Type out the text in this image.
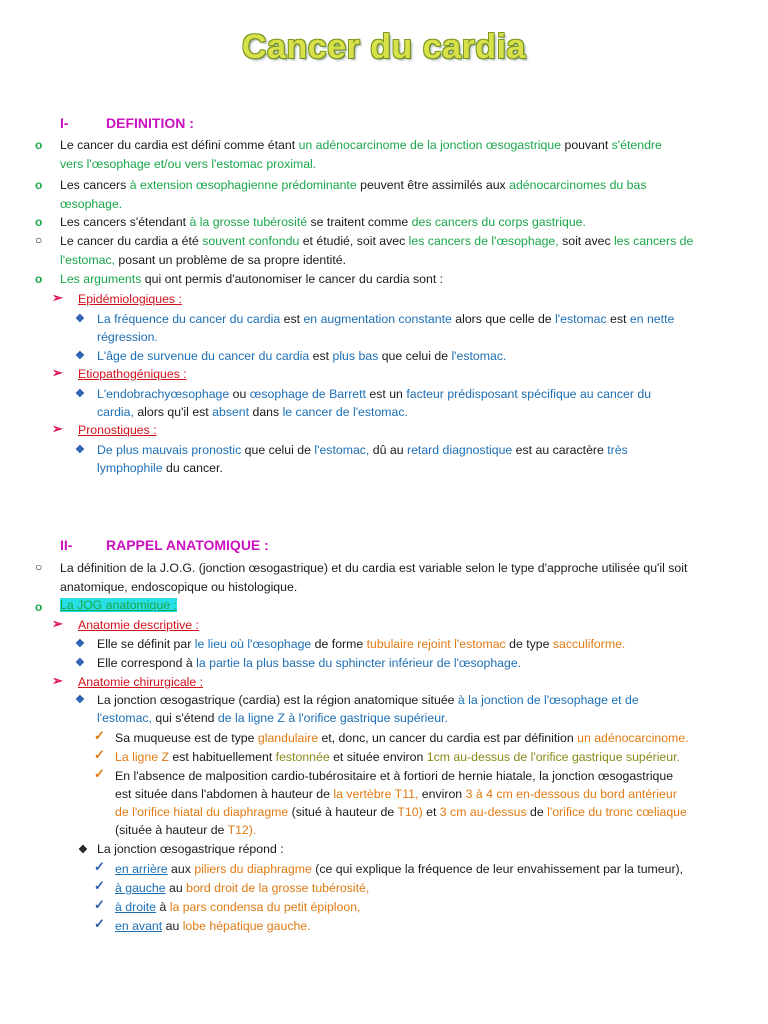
Cancer du cardia
I-	DEFINITION :
o Le cancer du cardia est défini comme étant un adénocarcinome de la jonction œsogastrique pouvant s'étendre
vers l'œsophage et/ou vers l'estomac proximal.
o Les cancers à extension œsophagienne prédominante peuvent être assimilés aux adénocarcinomes du bas
œsophage.
o Les cancers s'étendant à la grosse tubérosité se traitent comme des cancers du corps gastrique.
○ Le cancer du cardia a été souvent confondu et étudié, soit avec les cancers de l'œsophage, soit avec les cancers de
l'estomac, posant un problème de sa propre identité.
o Les arguments qui ont permis d'autonomiser le cancer du cardia sont :
➢ Epidémiologiques :
❖ La fréquence du cancer du cardia est en augmentation constante alors que celle de l'estomac est en nette
régression.
❖ L'âge de survenue du cancer du cardia est plus bas que celui de l'estomac.
➢ Etiopathogéniques :
❖ L'endobrachyœsophage ou œsophage de Barrett est un facteur prédisposant spécifique au cancer du
cardia, alors qu'il est absent dans le cancer de l'estomac.
➢ Pronostiques :
❖ De plus mauvais pronostic que celui de l'estomac, dû au retard diagnostique est au caractère très
lymphophile du cancer.
II- RAPPEL ANATOMIQUE :
○ La définition de la J.O.G. (jonction œsogastrique) et du cardia est variable selon le type d'approche utilisée qu'il soit
anatomique, endoscopique ou histologique.
o La JOG anatomique :
➢ Anatomie descriptive :
❖ Elle se définit par le lieu où l'œsophage de forme tubulaire rejoint l'estomac de type sacculiforme.
❖ Elle correspond à la partie la plus basse du sphincter inférieur de l'œsophage.
➢ Anatomie chirurgicale :
❖ La jonction œsogastrique (cardia) est la région anatomique située à la jonction de l'œsophage et de
l'estomac, qui s'étend de la ligne Z à l'orifice gastrique supérieur.
✓ Sa muqueuse est de type glandulaire et, donc, un cancer du cardia est par définition un adénocarcinome.
✓ La ligne Z est habituellement festonnée et située environ 1cm au-dessus de l'orifice gastrique supérieur.
✓ En l'absence de malposition cardio-tubérositaire et à fortiori de hernie hiatale, la jonction œsogastrique
est située dans l'abdomen à hauteur de la vertèbre T11, environ 3 à 4 cm en-dessous du bord antérieur
de l'orifice hiatal du diaphragme (situé à hauteur de T10) et 3 cm au-dessus de l'orifice du tronc cœliaque
(située à hauteur de T12).
❖ La jonction œsogastrique répond :
✓ en arrière aux piliers du diaphragme (ce qui explique la fréquence de leur envahissement par la tumeur),
✓ à gauche au bord droit de la grosse tubérosité,
✓ à droite à la pars condensa du petit épiploon,
✓ en avant au lobe hépatique gauche.
